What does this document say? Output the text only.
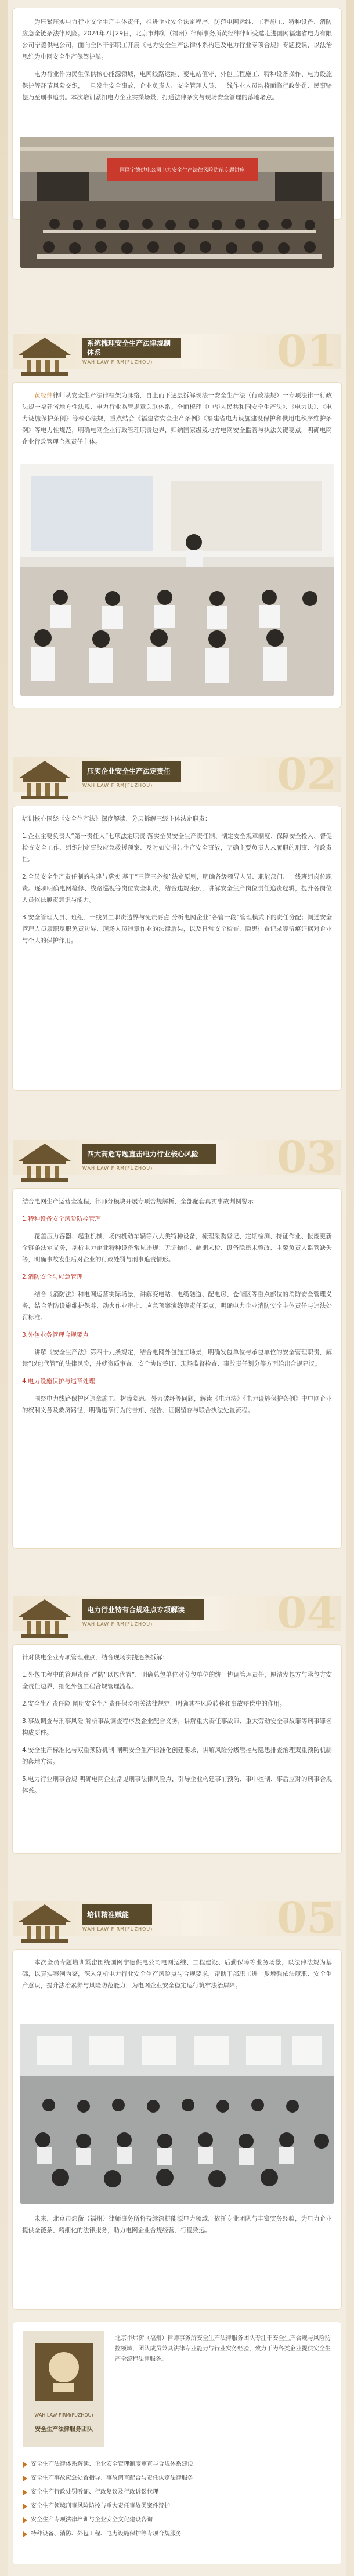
为压紧压实电力行业安全生产主体责任，推进企业安全法定程序、防范电网运维、工程施工、特种设备、消防应急全链条法律风险。2024年7月29日，北京市炜衡（福州）律师事务所黄经纬律师受邀走进国网福建省电力有限公司宁德供电公司，面向全体干部职工开展《电力安全生产法律体系构建及电力行业专项合规》专题授课，以法治思维为电网安全生产保驾护航。

电力行业作为民生保供核心能源领域，电网线路运维、变电站值守、外包工程施工、特种设备操作、电力设施保护等环节风险交织，一旦发生安全事故，企业负责人、安全管理人员、一线作业人员均将面临行政处罚、民事赔偿乃至刑事追责。本次培训紧扣电力企业实操场景，打通法律条文与现场安全管理的落地堵点。

国网宁德供电公司电力安全生产法律风险防范专题讲座
系统梳理安全生产法律规制体系
WAH LAW FIRM(FUZHOU)	01

黄经纬律师从安全生产法律框架为脉络，自上而下逐层拆解现法一安全生产法（行政法规）一专项法律一行政法规一福建省地方性法规、电力行业监管规章关联体系。全面梳理《中华人民共和国安全生产法》、《电力法》、《电力设施保护条例》等核心法规，重点结合《福建省安全生产条例》《福建省电力设施建设保护和供用电秩序维护条例》等电力性规范，明确电网企业行政管理职责边界，归纳国家级及地方电网安全监管与执法关键要点，明确电网企业行政管理合规责任主体。

压实企业安全生产法定责任
WAH LAW FIRM(FUZHOU)	02

培训核心围绕《安全生产法》深度解读，分层拆解三级主体法定职责：

1.企业主要负责人“第一责任人”七项法定职责 落实全员安全生产责任制、制定安全规章制度、保障安全投入、督促检查安全工作、组织制定事故应急救援预案、及时如实报告生产安全事故，明确主要负责人未履职的刑事、行政责任。

2.全员安全生产责任制的构建与落实 基于“三管三必须”法定原则，明确各级领导人员、职能部门、一线班组岗位职责。逐项明确电网检修、线路巡视等岗位安全职责，结合违规案例，讲解安全生产岗位责任追责逻辑，提升各岗位人员依法履责意识与能力。

3.安全管理人员、班组、一线员工职责边界与免责要点 分析电网企业“各管一段”管理模式下的责任分配；阐述安全管理人员履职尽职免责边界、现场人员违章作业的法律后果，以及日常安全检查、隐患排查记录等留痕证据对企业与个人的保护作用。

四大高危专题直击电力行业核心风险
WAH LAW FIRM(FUZHOU)	03

结合电网生产运营全流程，律师分模块开展专项合规解析，全部配套真实事故判例警示：

1.特种设备安全风险防控管理

覆盖压力容器、起重机械、场内机动车辆等八大类特种设备，梳理采购登记、定期检测、持证作业、报废更新全链条法定义务，剖析电力企业特种设备常见违规：无证操作、超期未检、设备隐患未整改、主要负责人监管缺失等，明确事故发生后对企业的行政处罚与刑事追责情形。

2.消防安全与应急管理

结合《消防法》和电网运营实际场景，讲解变电站、电缆隧道、配电房、仓储区等重点部位的消防安全管理义务，结合消防设施维护保养、动火作业审批、应急预案演练等责任要点，明确电力企业消防安全主体责任与违法处罚标准。

3.外包业务管理合规要点

讲解《安全生产法》第四十九条规定，结合电网外包施工场景，明确发包单位与承包单位的安全管理职责，解读“以包代管”的法律风险，并就资质审查、安全协议签订、现场监督检查、事故责任划分等方面给出合规建议。

4.电力设施保护与违章处理

围绕电力线路保护区违章施工、树障隐患、外力破坏等问题，解读《电力法》《电力设施保护条例》中电网企业的权利义务及救济路径，明确违章行为的告知、报告、证据留存与联合执法处置流程。

电力行业特有合规难点专项解读
WAH LAW FIRM(FUZHOU)	04

针对供电企业专项管理难点，结合现场实践逐条拆解：

1.外包工程中的管理责任 严防“以包代管”，明确总包单位对分包单位的统一协调管理责任，厘清发包方与承包方安全责任边界，细化外包工程合规管理流程。

2.安全生产责任险 阐明安全生产责任保险相关法律规定，明确其在风险转移和事故赔偿中的作用。

3.事故调查与刑事风险 解析事故调查程序及企业配合义务，讲解重大责任事故罪、重大劳动安全事故罪等刑事罪名构成要件。

4.安全生产标准化与双重预防机制 阐明安全生产标准化创建要求，讲解风险分级管控与隐患排查治理双重预防机制的落地方法。

5.电力行业刑事合规 明确电网企业常见刑事法律风险点，引导企业构建事前预防、事中控制、事后应对的刑事合规体系。

培训精准赋能
WAH LAW FIRM(FUZHOU)	05

本次全员专题培训紧密围绕国网宁德供电公司电网运维、工程建设、后勤保障等业务场景，以法律法规为基础，以真实案例为鉴，深入剖析电力行业安全生产风险点与合规要求，帮助干部职工进一步增强依法履职、安全生产意识，提升法治素养与风险防范能力，为电网企业安全稳定运行筑牢法治屏障。

未来，北京市炜衡（福州）律师事务所将持续深耕能源电力领域，依托专业团队与丰富实务经验，为电力企业提供全链条、精细化的法律服务，助力电网企业合规经营、行稳致远。

WAH LAW FIRM(FUZHOU)
安全生产法律服务团队
北京市炜衡（福州）律师事务所安全生产法律服务团队专注于安全生产合规与风险防控领域，团队成员兼具法律专业能力与行业实务经验，致力于为各类企业提供安全生产全流程法律服务。
安全生产法律体系解读、企业安全管理制度审查与合规体系建设
安全生产事故应急处置指导、事故调查配合与责任认定法律服务
安全生产行政处罚听证、行政复议及行政诉讼代理
安全生产领域刑事风险防控与重大责任事故类案件辩护
安全生产专项法律培训与企业安全文化建设咨询
特种设备、消防、外包工程、电力设施保护等专项合规服务
